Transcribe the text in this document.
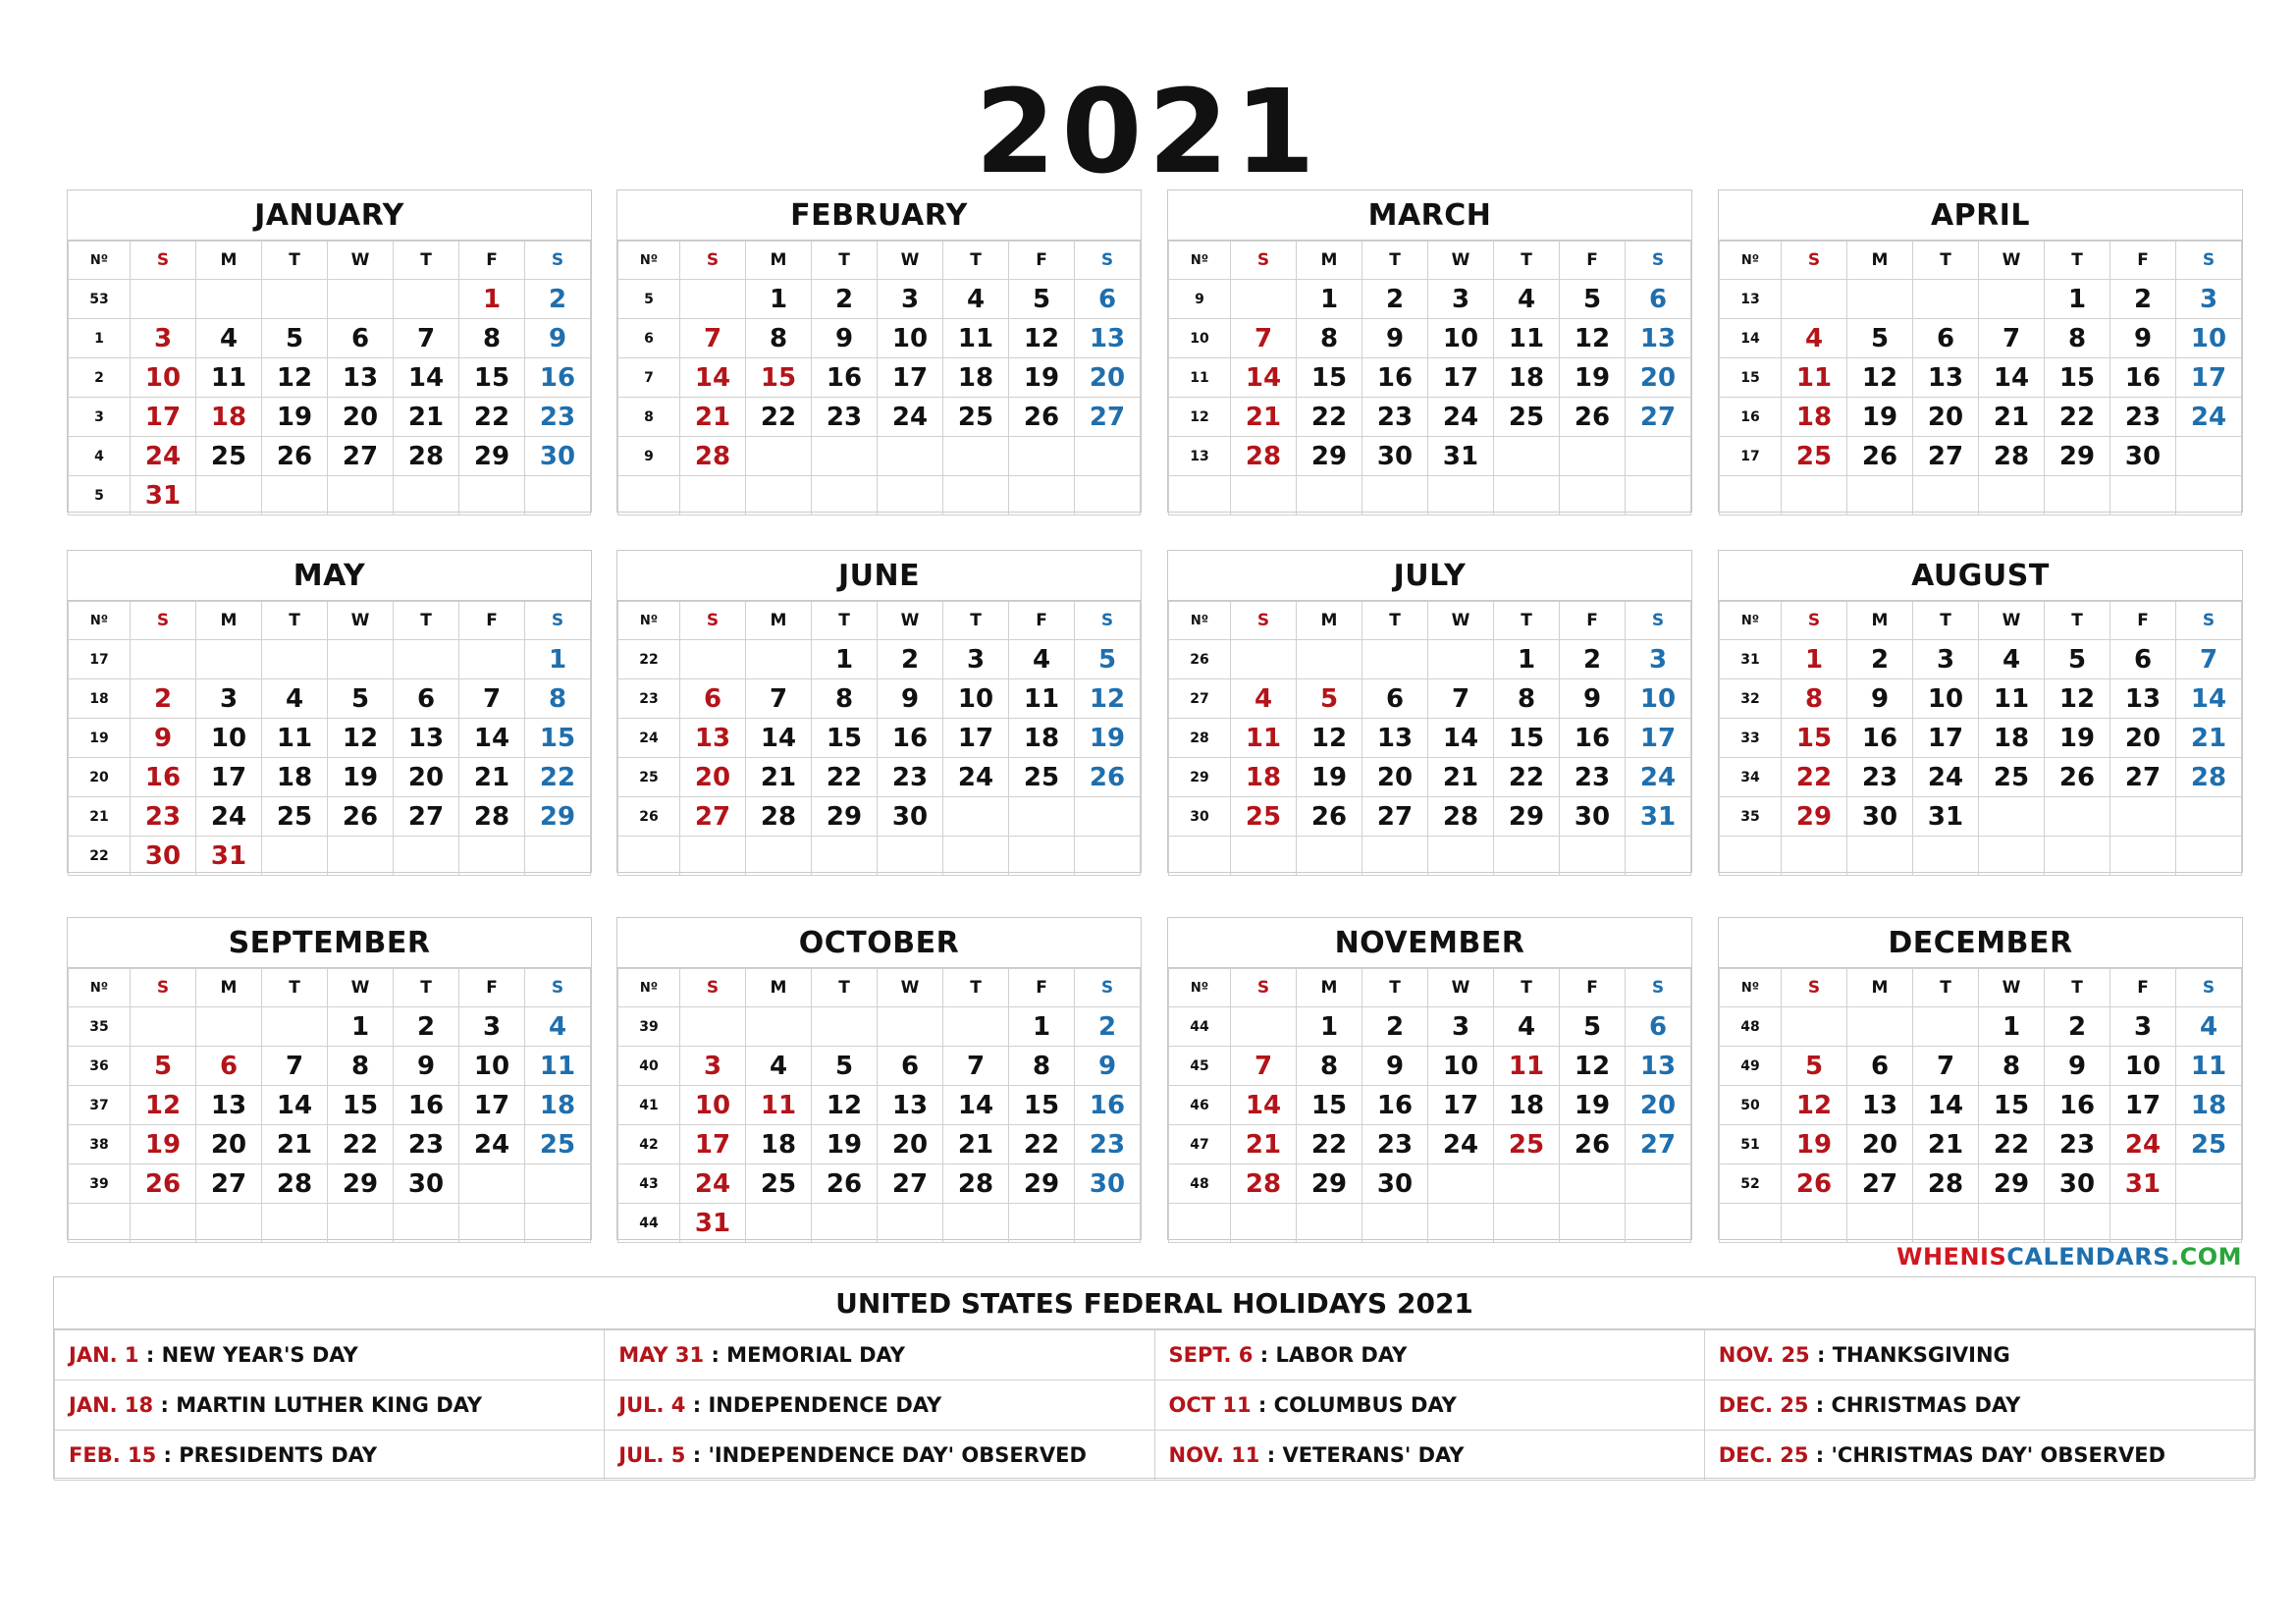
2021
JANUARY
Nº	S	M	T	W	T	F	S
53						1	2
1	3	4	5	6	7	8	9
2	10	11	12	13	14	15	16
3	17	18	19	20	21	22	23
4	24	25	26	27	28	29	30
5	31						
FEBRUARY
Nº	S	M	T	W	T	F	S
5		1	2	3	4	5	6
6	7	8	9	10	11	12	13
7	14	15	16	17	18	19	20
8	21	22	23	24	25	26	27
9	28						

MARCH
Nº	S	M	T	W	T	F	S
9		1	2	3	4	5	6
10	7	8	9	10	11	12	13
11	14	15	16	17	18	19	20
12	21	22	23	24	25	26	27
13	28	29	30	31			

APRIL
Nº	S	M	T	W	T	F	S
13					1	2	3
14	4	5	6	7	8	9	10
15	11	12	13	14	15	16	17
16	18	19	20	21	22	23	24
17	25	26	27	28	29	30	

MAY
Nº	S	M	T	W	T	F	S
17							1
18	2	3	4	5	6	7	8
19	9	10	11	12	13	14	15
20	16	17	18	19	20	21	22
21	23	24	25	26	27	28	29
22	30	31					
JUNE
Nº	S	M	T	W	T	F	S
22			1	2	3	4	5
23	6	7	8	9	10	11	12
24	13	14	15	16	17	18	19
25	20	21	22	23	24	25	26
26	27	28	29	30			

JULY
Nº	S	M	T	W	T	F	S
26					1	2	3
27	4	5	6	7	8	9	10
28	11	12	13	14	15	16	17
29	18	19	20	21	22	23	24
30	25	26	27	28	29	30	31

AUGUST
Nº	S	M	T	W	T	F	S
31	1	2	3	4	5	6	7
32	8	9	10	11	12	13	14
33	15	16	17	18	19	20	21
34	22	23	24	25	26	27	28
35	29	30	31				

SEPTEMBER
Nº	S	M	T	W	T	F	S
35				1	2	3	4
36	5	6	7	8	9	10	11
37	12	13	14	15	16	17	18
38	19	20	21	22	23	24	25
39	26	27	28	29	30		

OCTOBER
Nº	S	M	T	W	T	F	S
39						1	2
40	3	4	5	6	7	8	9
41	10	11	12	13	14	15	16
42	17	18	19	20	21	22	23
43	24	25	26	27	28	29	30
44	31						
NOVEMBER
Nº	S	M	T	W	T	F	S
44		1	2	3	4	5	6
45	7	8	9	10	11	12	13
46	14	15	16	17	18	19	20
47	21	22	23	24	25	26	27
48	28	29	30				

DECEMBER
Nº	S	M	T	W	T	F	S
48				1	2	3	4
49	5	6	7	8	9	10	11
50	12	13	14	15	16	17	18
51	19	20	21	22	23	24	25
52	26	27	28	29	30	31	

WHENISCALENDARS.COM
UNITED STATES FEDERAL HOLIDAYS 2021
JAN. 1 : NEW YEAR'S DAY	MAY 31 : MEMORIAL DAY	SEPT. 6 : LABOR DAY	NOV. 25 : THANKSGIVING
JAN. 18 : MARTIN LUTHER KING DAY	JUL. 4 : INDEPENDENCE DAY	OCT 11 : COLUMBUS DAY	DEC. 25 : CHRISTMAS DAY
FEB. 15 : PRESIDENTS DAY	JUL. 5 : 'INDEPENDENCE DAY' OBSERVED	NOV. 11 : VETERANS' DAY	DEC. 25 : 'CHRISTMAS DAY' OBSERVED
